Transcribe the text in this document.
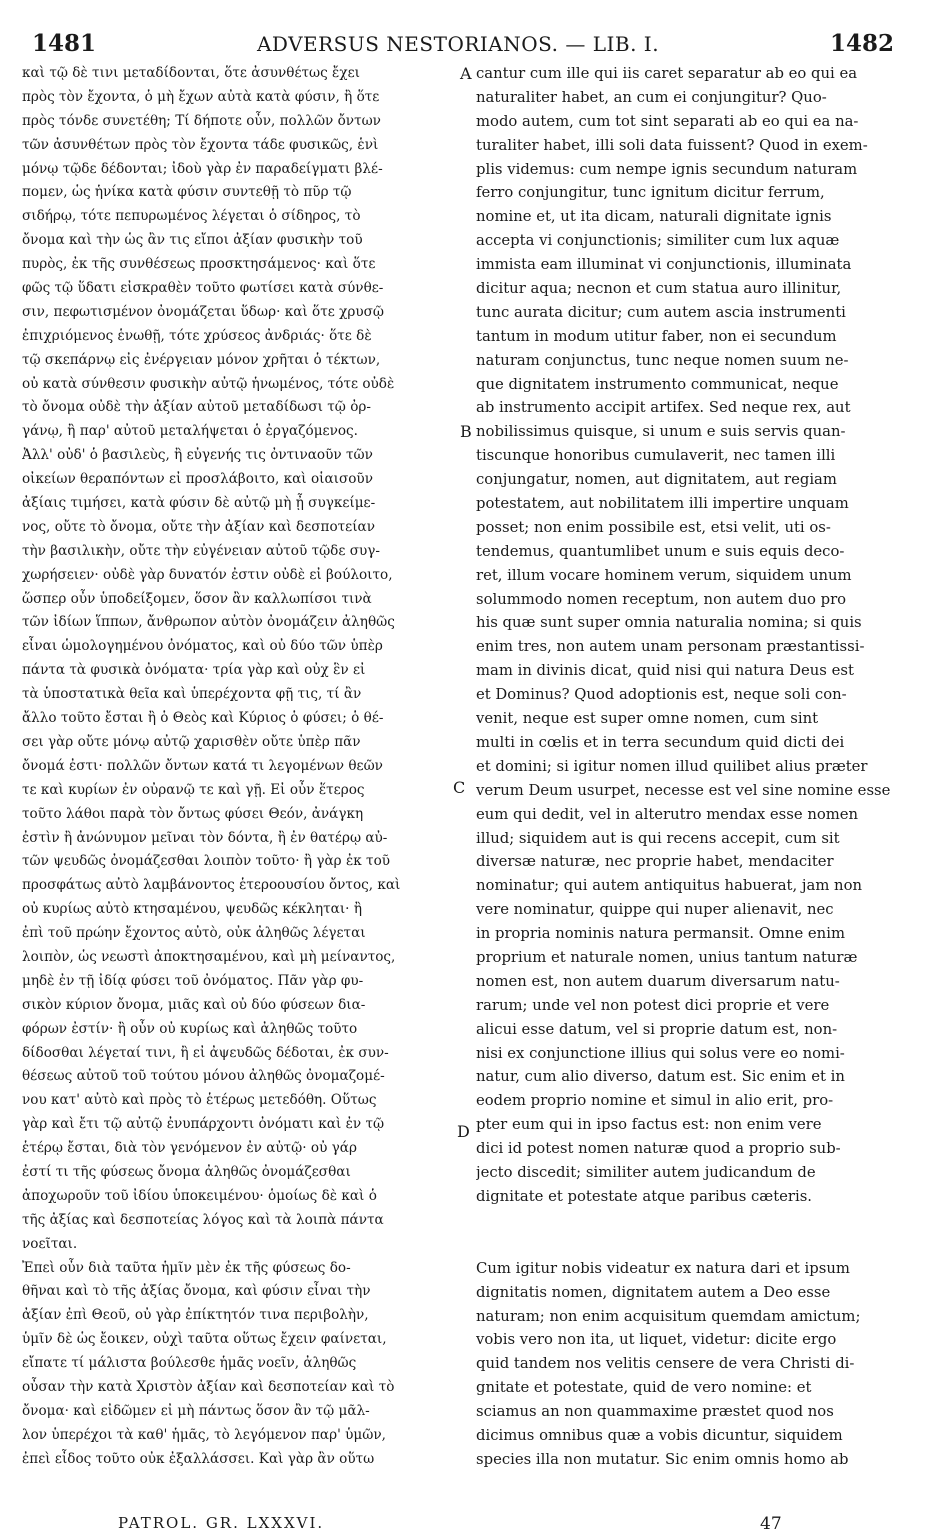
1481	ADVERSUS NESTORIANOS. — LIB. I.	1482
καὶ τῷ δὲ τινι μεταδίδονται, ὅτε ἀσυνθέτως ἔχει
πρὸς τὸν ἔχοντα, ὁ μὴ ἔχων αὐτὰ κατὰ φύσιν, ἢ ὅτε
πρὸς τόνδε συνετέθη; Τί δήποτε οὖν, πολλῶν ὄντων
τῶν ἀσυνθέτων πρὸς τὸν ἔχοντα τάδε φυσικῶς, ἑνὶ
μόνῳ τῷδε δέδονται; ἰδοὺ γὰρ ἐν παραδείγματι βλέ-
πομεν, ὡς ἡνίκα κατὰ φύσιν συντεθῇ τὸ πῦρ τῷ
σιδήρῳ, τότε πεπυρωμένος λέγεται ὁ σίδηρος, τὸ
ὄνομα καὶ τὴν ὡς ἂν τις εἴποι ἀξίαν φυσικὴν τοῦ
πυρὸς, ἐκ τῆς συνθέσεως προσκτησάμενος· καὶ ὅτε
φῶς τῷ ὕδατι εἰσκραθὲν τοῦτο φωτίσει κατὰ σύνθε-
σιν, πεφωτισμένον ὀνομάζεται ὕδωρ· καὶ ὅτε χρυσῷ
ἐπιχριόμενος ἑνωθῇ, τότε χρύσεος ἀνδριάς· ὅτε δὲ
τῷ σκεπάρνῳ εἰς ἐνέργειαν μόνον χρῆται ὁ τέκτων,
οὐ κατὰ σύνθεσιν φυσικὴν αὐτῷ ἡνωμένος, τότε οὐδὲ
τὸ ὄνομα οὐδὲ τὴν ἀξίαν αὐτοῦ μεταδίδωσι τῷ ὀρ-
γάνῳ, ἢ παρ' αὐτοῦ μεταλήψεται ὁ ἐργαζόμενος.
Ἀλλ' οὐδ' ὁ βασιλεὺς, ἢ εὐγενής τις ὀντιναοῦν τῶν
οἰκείων θεραπόντων εἰ προσλάβοιτο, καὶ οἱαισοῦν
ἀξίαις τιμήσει, κατὰ φύσιν δὲ αὐτῷ μὴ ᾖ συγκείμε-
νος, οὔτε τὸ ὄνομα, οὔτε τὴν ἀξίαν καὶ δεσποτείαν
τὴν βασιλικὴν, οὔτε τὴν εὐγένειαν αὐτοῦ τῷδε συγ-
χωρήσειεν· οὐδὲ γὰρ δυνατόν ἐστιν οὐδὲ εἰ βούλοιτο,
ὥσπερ οὖν ὑποδείξομεν, ὅσον ἂν καλλωπίσοι τινὰ
τῶν ἰδίων ἵππων, ἄνθρωπον αὐτὸν ὀνομάζειν ἀληθῶς
εἶναι ὡμολογημένου ὀνόματος, καὶ οὐ δύο τῶν ὑπὲρ
πάντα τὰ φυσικὰ ὀνόματα· τρία γὰρ καὶ οὐχ ἓν εἰ
τὰ ὑποστατικὰ θεῖα καὶ ὑπερέχοντα φῇ τις, τί ἂν
ἄλλο τοῦτο ἔσται ἢ ὁ Θεὸς καὶ Κύριος ὁ φύσει; ὁ θέ-
σει γὰρ οὔτε μόνῳ αὐτῷ χαρισθὲν οὔτε ὑπὲρ πᾶν
ὄνομά ἐστι· πολλῶν ὄντων κατά τι λεγομένων θεῶν
τε καὶ κυρίων ἐν οὐρανῷ τε καὶ γῇ. Εἰ οὖν ἕτερος
τοῦτο λάθοι παρὰ τὸν ὄντως φύσει Θεόν, ἀνάγκη
ἐστὶν ἢ ἀνώνυμον μεῖναι τὸν δόντα, ἢ ἐν θατέρῳ αὐ-
τῶν ψευδῶς ὀνομάζεσθαι λοιπὸν τοῦτο· ἢ γὰρ ἐκ τοῦ
προσφάτως αὐτὸ λαμβάνοντος ἑτεροουσίου ὄντος, καὶ
οὐ κυρίως αὐτὸ κτησαμένου, ψευδῶς κέκληται· ἢ
ἐπὶ τοῦ πρώην ἔχοντος αὐτὸ, οὐκ ἀληθῶς λέγεται
λοιπὸν, ὡς νεωστὶ ἀποκτησαμένου, καὶ μὴ μείναντος,
μηδὲ ἐν τῇ ἰδίᾳ φύσει τοῦ ὀνόματος. Πᾶν γὰρ φυ-
σικὸν κύριον ὄνομα, μιᾶς καὶ οὐ δύο φύσεων δια-
φόρων ἐστίν· ἢ οὖν οὐ κυρίως καὶ ἀληθῶς τοῦτο
δίδοσθαι λέγεταί τινι, ἢ εἰ ἀψευδῶς δέδοται, ἐκ συν-
θέσεως αὐτοῦ τοῦ τούτου μόνου ἀληθῶς ὀνομαζομέ-
νου κατ' αὐτὸ καὶ πρὸς τὸ ἑτέρως μετεδόθη. Οὕτως
γὰρ καὶ ἔτι τῷ αὐτῷ ἐνυπάρχοντι ὀνόματι καὶ ἐν τῷ
ἑτέρῳ ἔσται, διὰ τὸν γενόμενον ἐν αὐτῷ· οὐ γάρ
ἐστί τι τῆς φύσεως ὄνομα ἀληθῶς ὀνομάζεσθαι
ἀποχωροῦν τοῦ ἰδίου ὑποκειμένου· ὁμοίως δὲ καὶ ὁ
τῆς ἀξίας καὶ δεσποτείας λόγος καὶ τὰ λοιπὰ πάντα
νοεῖται.
Ἐπεὶ οὖν διὰ ταῦτα ἡμῖν μὲν ἐκ τῆς φύσεως δο-
θῆναι καὶ τὸ τῆς ἀξίας ὄνομα, καὶ φύσιν εἶναι τὴν
ἀξίαν ἐπὶ Θεοῦ, οὐ γὰρ ἐπίκτητόν τινα περιβολὴν,
ὑμῖν δὲ ὡς ἔοικεν, οὐχὶ ταῦτα οὕτως ἔχειν φαίνεται,
εἴπατε τί μάλιστα βούλεσθε ἡμᾶς νοεῖν, ἀληθῶς
οὖσαν τὴν κατὰ Χριστὸν ἀξίαν καὶ δεσποτείαν καὶ τὸ
ὄνομα· καὶ εἰδῶμεν εἰ μὴ πάντως ὅσον ἂν τῷ μᾶλ-
λον ὑπερέχοι τὰ καθ' ἡμᾶς, τὸ λεγόμενον παρ' ὑμῶν,
ἐπεὶ εἶδος τοῦτο οὐκ ἐξαλλάσσει. Καὶ γὰρ ἂν οὕτω
cantur cum ille qui iis caret separatur ab eo qui ea
naturaliter habet, an cum ei conjungitur? Quo-
modo autem, cum tot sint separati ab eo qui ea na-
turaliter habet, illi soli data fuissent? Quod in exem-
plis videmus: cum nempe ignis secundum naturam
ferro conjungitur, tunc ignitum dicitur ferrum,
nomine et, ut ita dicam, naturali dignitate ignis
accepta vi conjunctionis; similiter cum lux aquæ
immista eam illuminat vi conjunctionis, illuminata
dicitur aqua; necnon et cum statua auro illinitur,
tunc aurata dicitur; cum autem ascia instrumenti
tantum in modum utitur faber, non ei secundum
naturam conjunctus, tunc neque nomen suum ne-
que dignitatem instrumento communicat, neque
ab instrumento accipit artifex. Sed neque rex, aut
nobilissimus quisque, si unum e suis servis quan-
tiscunque honoribus cumulaverit, nec tamen illi
conjungatur, nomen, aut dignitatem, aut regiam
potestatem, aut nobilitatem illi impertire unquam
posset; non enim possibile est, etsi velit, uti os-
tendemus, quantumlibet unum e suis equis deco-
ret, illum vocare hominem verum, siquidem unum
solummodo nomen receptum, non autem duo pro
his quæ sunt super omnia naturalia nomina; si quis
enim tres, non autem unam personam præstantissi-
mam in divinis dicat, quid nisi qui natura Deus est
et Dominus? Quod adoptionis est, neque soli con-
venit, neque est super omne nomen, cum sint
multi in cœlis et in terra secundum quid dicti dei
et domini; si igitur nomen illud quilibet alius præter
verum Deum usurpet, necesse est vel sine nomine esse
eum qui dedit, vel in alterutro mendax esse nomen
illud; siquidem aut is qui recens accepit, cum sit
diversæ naturæ, nec proprie habet, mendaciter
nominatur; qui autem antiquitus habuerat, jam non
vere nominatur, quippe qui nuper alienavit, nec
in propria nominis natura permansit. Omne enim
proprium et naturale nomen, unius tantum naturæ
nomen est, non autem duarum diversarum natu-
rarum; unde vel non potest dici proprie et vere
alicui esse datum, vel si proprie datum est, non-
nisi ex conjunctione illius qui solus vere eo nomi-
natur, cum alio diverso, datum est. Sic enim et in
eodem proprio nomine et simul in alio erit, pro-
pter eum qui in ipso factus est: non enim vere
dici id potest nomen naturæ quod a proprio sub-
jecto discedit; similiter autem judicandum de
dignitate et potestate atque paribus cæteris.
Cum igitur nobis videatur ex natura dari et ipsum
dignitatis nomen, dignitatem autem a Deo esse
naturam; non enim acquisitum quemdam amictum;
vobis vero non ita, ut liquet, videtur: dicite ergo
quid tandem nos velitis censere de vera Christi di-
gnitate et potestate, quid de vero nomine: et
sciamus an non quammaxime præstet quod nos
dicimus omnibus quæ a vobis dicuntur, siquidem
species illa non mutatur. Sic enim omnis homo ab
A
B
C
D
PATROL. GR. LXXXVI.	47
